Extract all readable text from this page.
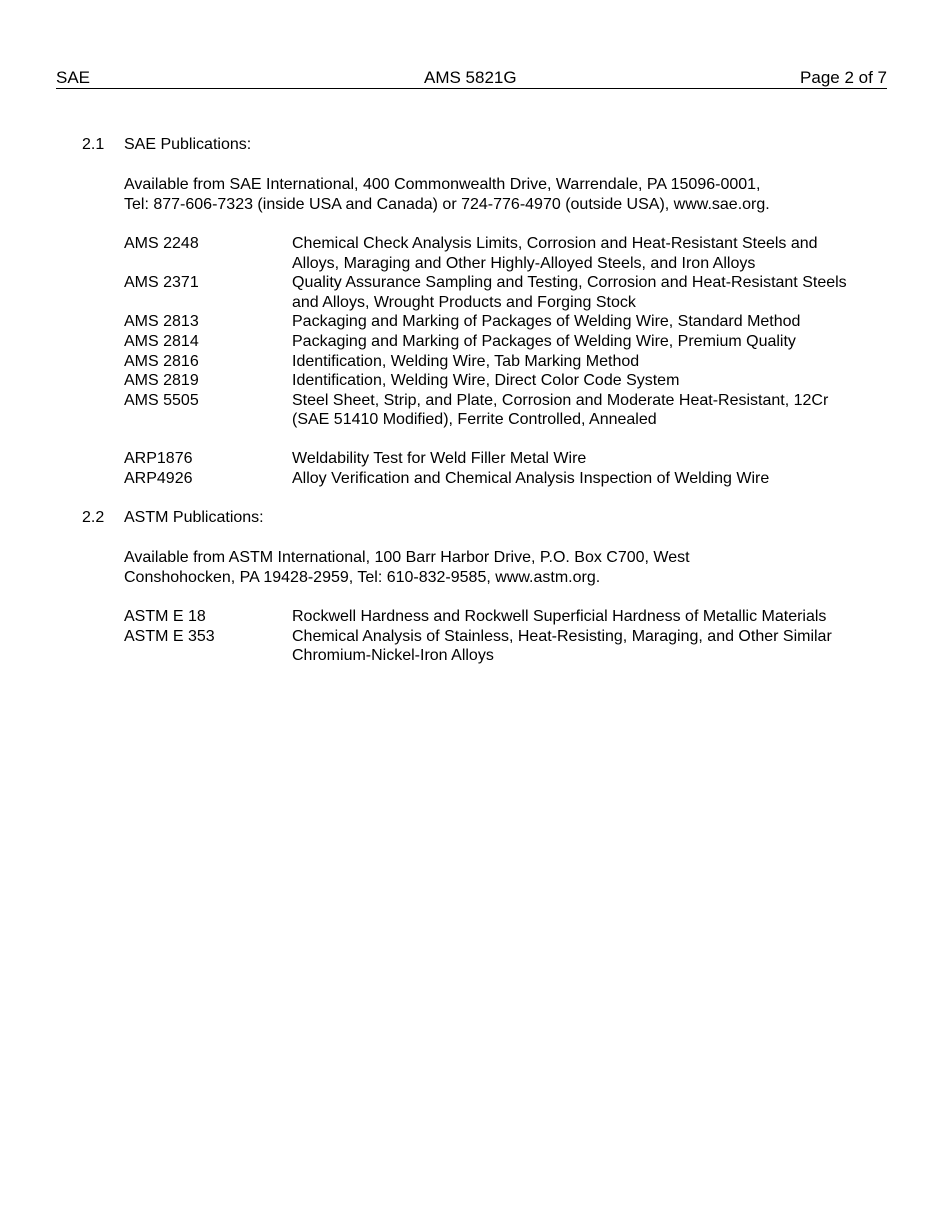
SAE	AMS 5821G	Page 2 of 7
2.1 SAE Publications:
Available from SAE International, 400 Commonwealth Drive, Warrendale, PA 15096-0001,
Tel: 877-606-7323 (inside USA and Canada) or 724-776-4970 (outside USA), www.sae.org.
AMS 2248	Chemical Check Analysis Limits, Corrosion and Heat-Resistant Steels and Alloys, Maraging and Other Highly-Alloyed Steels, and Iron Alloys
AMS 2371	Quality Assurance Sampling and Testing, Corrosion and Heat-Resistant Steels and Alloys, Wrought Products and Forging Stock
AMS 2813	Packaging and Marking of Packages of Welding Wire, Standard Method
AMS 2814	Packaging and Marking of Packages of Welding Wire, Premium Quality
AMS 2816	Identification, Welding Wire, Tab Marking Method
AMS 2819	Identification, Welding Wire, Direct Color Code System
AMS 5505	Steel Sheet, Strip, and Plate, Corrosion and Moderate Heat-Resistant, 12Cr (SAE 51410 Modified), Ferrite Controlled, Annealed
ARP1876	Weldability Test for Weld Filler Metal Wire
ARP4926	Alloy Verification and Chemical Analysis Inspection of Welding Wire
2.2 ASTM Publications:
Available from ASTM International, 100 Barr Harbor Drive, P.O. Box C700, West
Conshohocken, PA 19428-2959, Tel: 610-832-9585, www.astm.org.
ASTM E 18	Rockwell Hardness and Rockwell Superficial Hardness of Metallic Materials
ASTM E 353	Chemical Analysis of Stainless, Heat-Resisting, Maraging, and Other Similar Chromium-Nickel-Iron Alloys
